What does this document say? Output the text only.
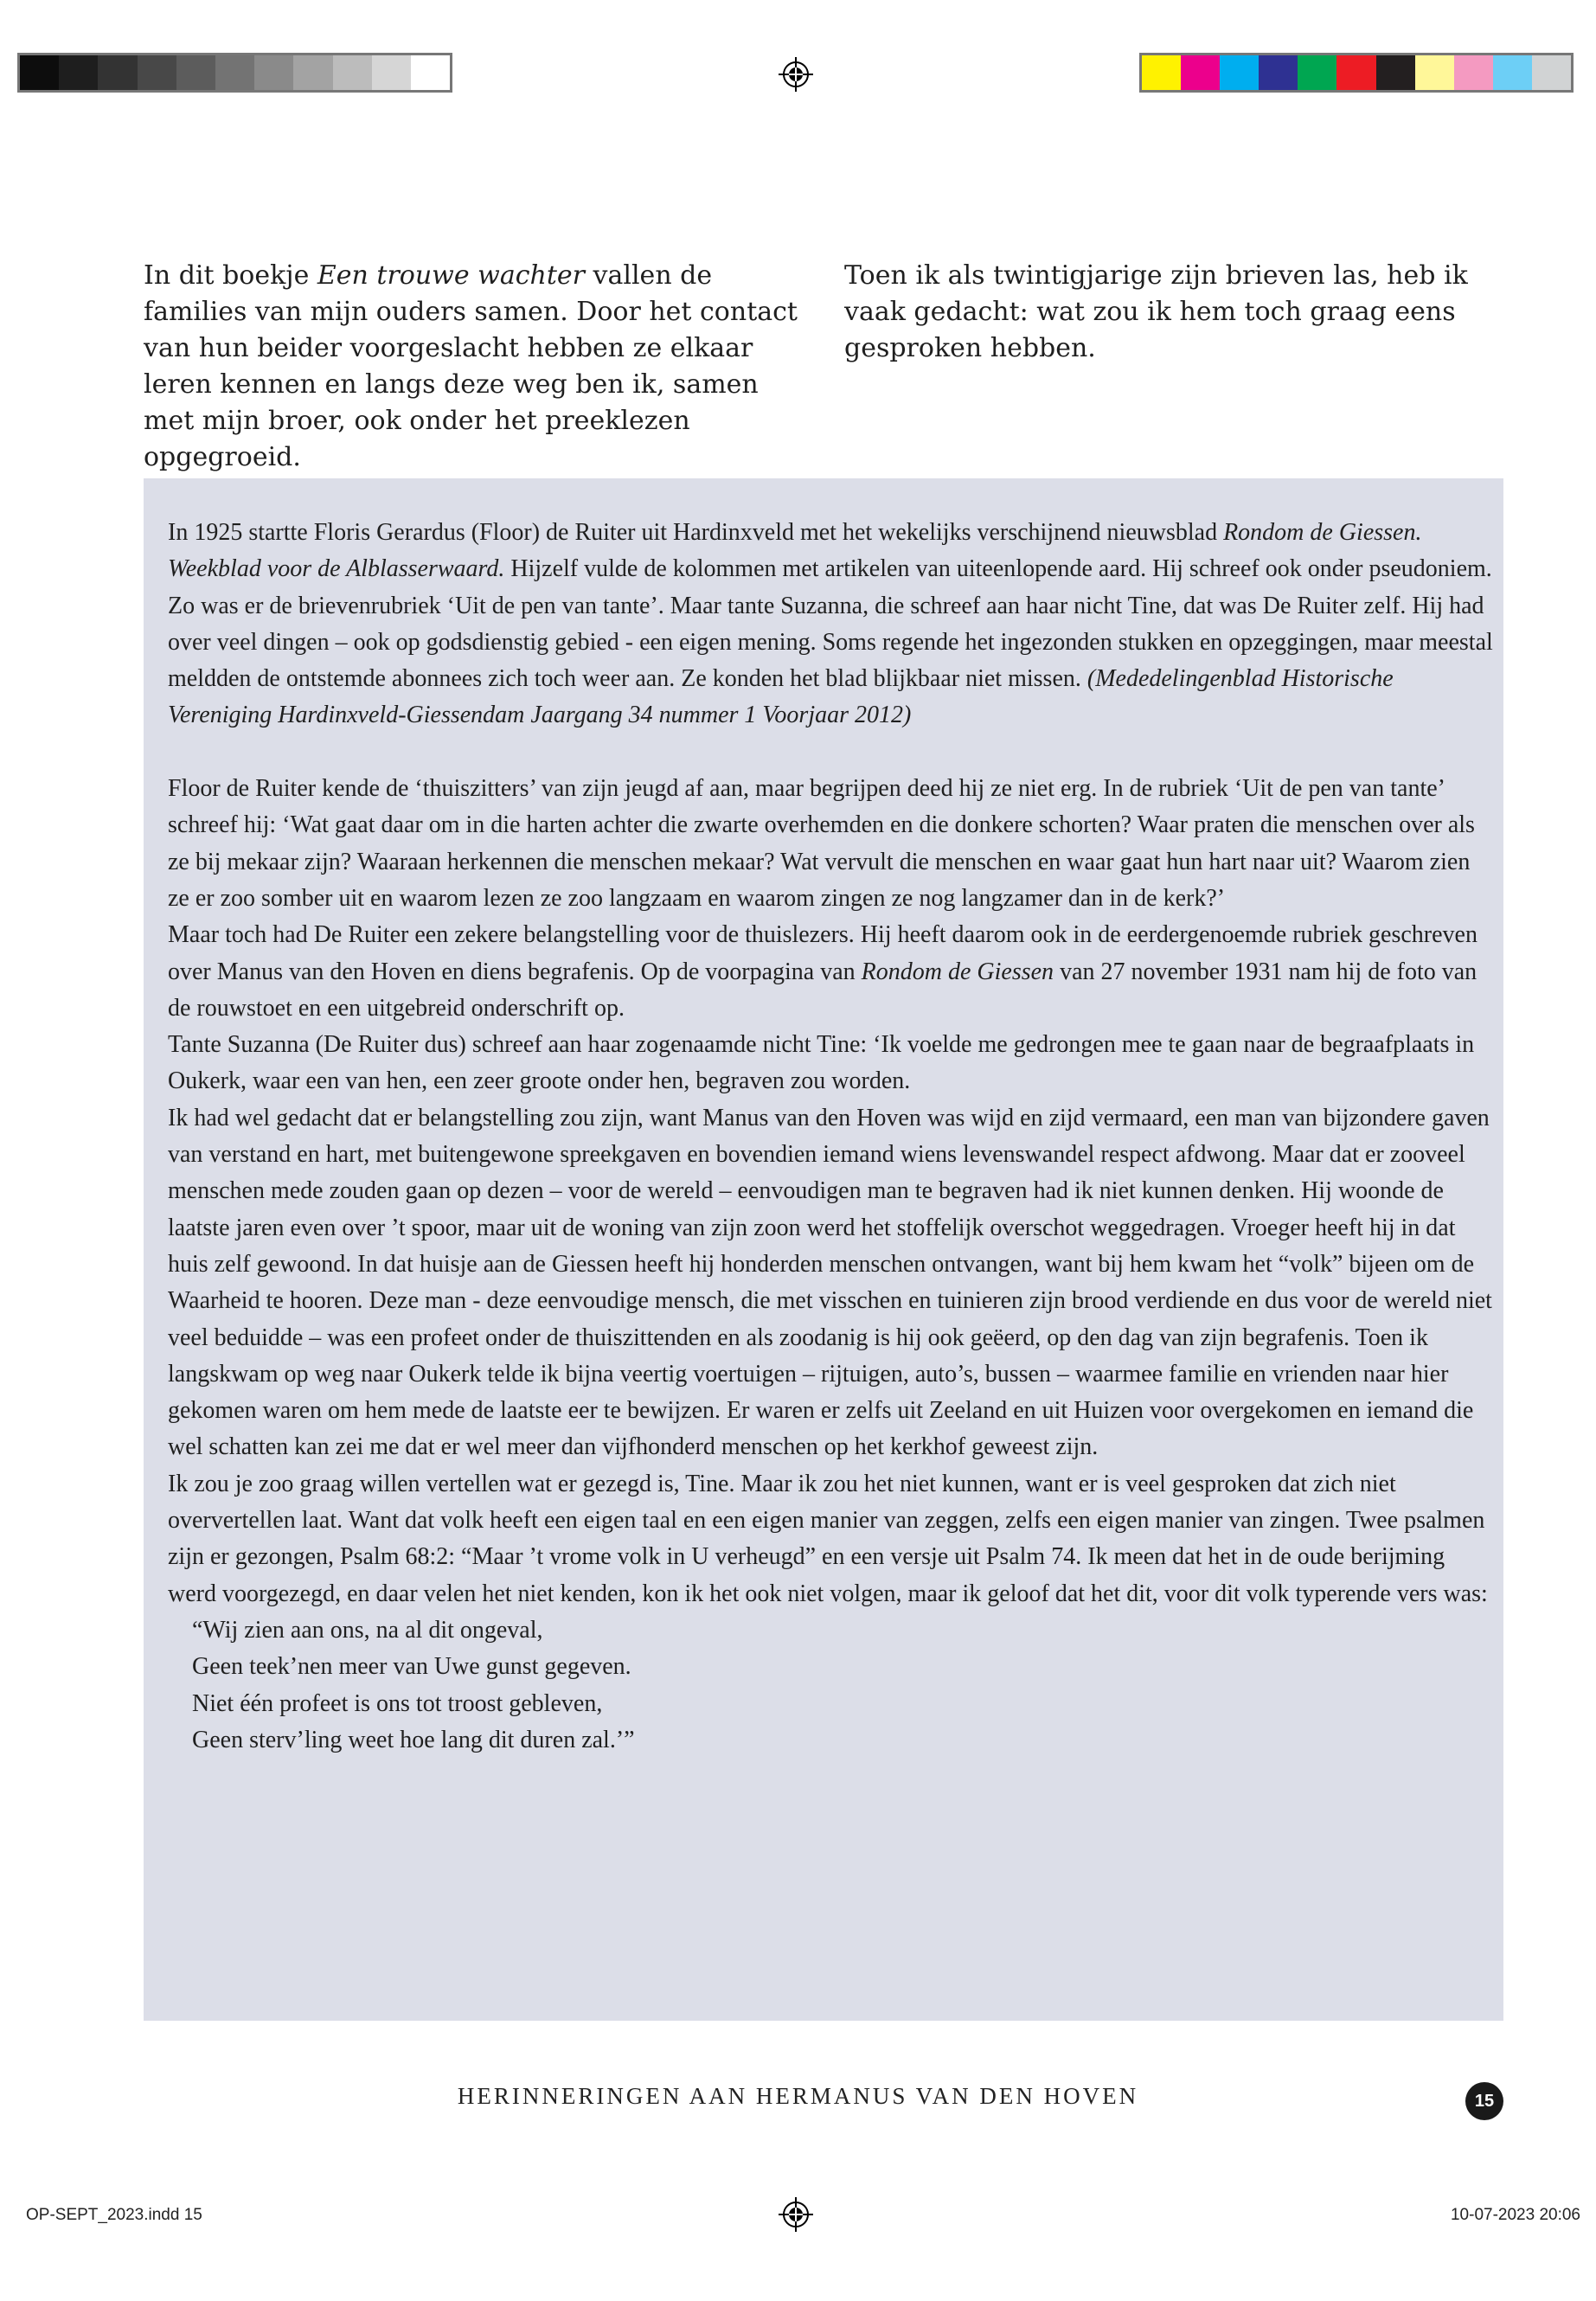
In dit boekje Een trouwe wachter vallen de families van mijn ouders samen. Door het contact van hun beider voorgeslacht hebben ze elkaar leren kennen en langs deze weg ben ik, samen met mijn broer, ook onder het preeklezen opgegroeid.
Toen ik als twintigjarige zijn brieven las, heb ik vaak gedacht: wat zou ik hem toch graag eens gesproken hebben.

In 1925 startte Floris Gerardus (Floor) de Ruiter uit Hardinxveld met het wekelijks verschijnend nieuwsblad Rondom de Giessen. Weekblad voor de Alblasserwaard. Hijzelf vulde de kolommen met artikelen van uiteenlopende aard. Hij schreef ook onder pseudoniem.

Zo was er de brievenrubriek ‘Uit de pen van tante’. Maar tante Suzanna, die schreef aan haar nicht Tine, dat was De Ruiter zelf. Hij had over veel dingen – ook op godsdienstig gebied - een eigen mening. Soms regende het ingezonden stukken en opzeggingen, maar meestal meldden de ontstemde abonnees zich toch weer aan. Ze konden het blad blijkbaar niet missen. (Mededelingenblad Historische Vereniging Hardinxveld-Giessendam Jaargang 34 nummer 1 Voorjaar 2012)

Floor de Ruiter kende de ‘thuiszitters’ van zijn jeugd af aan, maar begrijpen deed hij ze niet erg. In de rubriek ‘Uit de pen van tante’ schreef hij: ‘Wat gaat daar om in die harten achter die zwarte overhemden en die donkere schorten? Waar praten die menschen over als ze bij mekaar zijn? Waaraan herkennen die menschen mekaar? Wat vervult die menschen en waar gaat hun hart naar uit? Waarom zien ze er zoo somber uit en waarom lezen ze zoo langzaam en waarom zingen ze nog langzamer dan in de kerk?’

Maar toch had De Ruiter een zekere belangstelling voor de thuislezers. Hij heeft daarom ook in de eerdergenoemde rubriek geschreven over Manus van den Hoven en diens begrafenis. Op de voorpagina van Rondom de Giessen van 27 november 1931 nam hij de foto van de rouwstoet en een uitgebreid onderschrift op.

Tante Suzanna (De Ruiter dus) schreef aan haar zogenaamde nicht Tine: ‘Ik voelde me gedrongen mee te gaan naar de begraafplaats in Oukerk, waar een van hen, een zeer groote onder hen, begraven zou worden.

Ik had wel gedacht dat er belangstelling zou zijn, want Manus van den Hoven was wijd en zijd vermaard, een man van bijzondere gaven van verstand en hart, met buitengewone spreekgaven en bovendien iemand wiens levenswandel respect afdwong. Maar dat er zooveel menschen mede zouden gaan op dezen – voor de wereld – eenvoudigen man te begraven had ik niet kunnen denken. Hij woonde de laatste jaren even over ’t spoor, maar uit de woning van zijn zoon werd het stoffelijk overschot weggedragen. Vroeger heeft hij in dat huis zelf gewoond. In dat huisje aan de Giessen heeft hij honderden menschen ontvangen, want bij hem kwam het “volk” bijeen om de Waarheid te hooren. Deze man - deze eenvoudige mensch, die met visschen en tuinieren zijn brood verdiende en dus voor de wereld niet veel beduidde – was een profeet onder de thuiszittenden en als zoodanig is hij ook geëerd, op den dag van zijn begrafenis. Toen ik langskwam op weg naar Oukerk telde ik bijna veertig voertuigen – rijtuigen, auto’s, bussen – waarmee familie en vrienden naar hier gekomen waren om hem mede de laatste eer te bewijzen. Er waren er zelfs uit Zeeland en uit Huizen voor overgekomen en iemand die wel schatten kan zei me dat er wel meer dan vijfhonderd menschen op het kerkhof geweest zijn.

Ik zou je zoo graag willen vertellen wat er gezegd is, Tine. Maar ik zou het niet kunnen, want er is veel gesproken dat zich niet oververtellen laat. Want dat volk heeft een eigen taal en een eigen manier van zeggen, zelfs een eigen manier van zingen. Twee psalmen zijn er gezongen, Psalm 68:2: “Maar ’t vrome volk in U verheugd” en een versje uit Psalm 74. Ik meen dat het in de oude berijming werd voorgezegd, en daar velen het niet kenden, kon ik het ook niet volgen, maar ik geloof dat het dit, voor dit volk typerende vers was:

“Wij zien aan ons, na al dit ongeval,

Geen teek’nen meer van Uwe gunst gegeven.

Niet één profeet is ons tot troost gebleven,

Geen sterv’ling weet hoe lang dit duren zal.’”

HERINNERINGEN AAN HERMANUS VAN DEN HOVEN	15
OP-SEPT_2023.indd 15	10-07-2023 20:06
